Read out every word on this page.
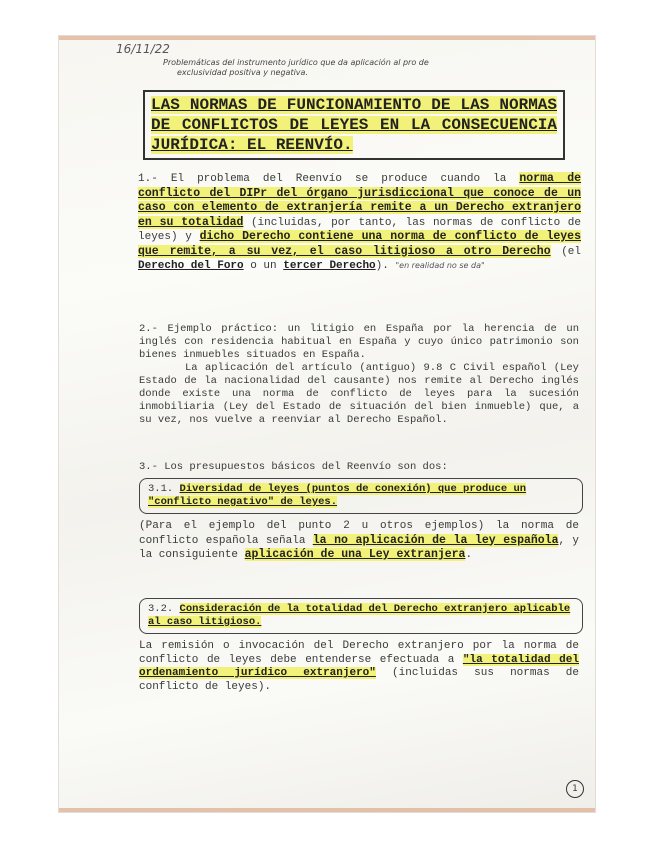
16/11/22
Problemáticas del instrumento jurídico que da aplicación al pro de
exclusividad positiva y negativa.
LAS NORMAS DE FUNCIONAMIENTO DE LAS NORMAS DE CONFLICTOS DE LEYES EN LA CONSECUENCIA JURÍDICA: EL REENVÍO.
1.- El problema del Reenvío se produce cuando la norma de conflicto del DIPr del órgano jurisdiccional que conoce de un caso con elemento de extranjería remite a un Derecho extranjero en su totalidad (incluidas, por tanto, las normas de conflicto de leyes) y dicho Derecho contiene una norma de conflicto de leyes que remite, a su vez, el caso litigioso a otro Derecho (el Derecho del Foro o un tercer Derecho). "en realidad no se da"
2.- Ejemplo práctico: un litigio en España por la herencia de un inglés con residencia habitual en España y cuyo único patrimonio son bienes inmuebles situados en España.
La aplicación del artículo (antiguo) 9.8 C Civil español (Ley Estado de la nacionalidad del causante) nos remite al Derecho inglés donde existe una norma de conflicto de leyes para la sucesión inmobiliaria (Ley del Estado de situación del bien inmueble) que, a su vez, nos vuelve a reenviar al Derecho Español.
3.- Los presupuestos básicos del Reenvío son dos:
3.1. Diversidad de leyes (puntos de conexión) que produce un "conflicto negativo" de leyes.
(Para el ejemplo del punto 2 u otros ejemplos) la norma de conflicto española señala la no aplicación de la ley española, y la consiguiente aplicación de una Ley extranjera.
3.2. Consideración de la totalidad del Derecho extranjero aplicable al caso litigioso.
La remisión o invocación del Derecho extranjero por la norma de conflicto de leyes debe entenderse efectuada a "la totalidad del ordenamiento jurídico extranjero" (incluidas sus normas de conflicto de leyes).
1
